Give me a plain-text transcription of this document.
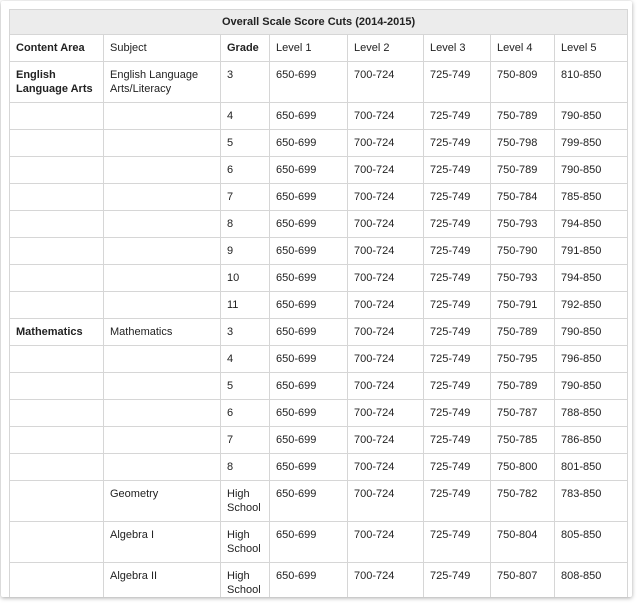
Overall Scale Score Cuts (2014-2015)							
Content Area	Subject	Grade	Level 1	Level 2	Level 3	Level 4	Level 5
English Language Arts	English Language Arts/Literacy	3	650-699	700-724	725-749	750-809	810-850
		4	650-699	700-724	725-749	750-789	790-850
		5	650-699	700-724	725-749	750-798	799-850
		6	650-699	700-724	725-749	750-789	790-850
		7	650-699	700-724	725-749	750-784	785-850
		8	650-699	700-724	725-749	750-793	794-850
		9	650-699	700-724	725-749	750-790	791-850
		10	650-699	700-724	725-749	750-793	794-850
		11	650-699	700-724	725-749	750-791	792-850
Mathematics	Mathematics	3	650-699	700-724	725-749	750-789	790-850
		4	650-699	700-724	725-749	750-795	796-850
		5	650-699	700-724	725-749	750-789	790-850
		6	650-699	700-724	725-749	750-787	788-850
		7	650-699	700-724	725-749	750-785	786-850
		8	650-699	700-724	725-749	750-800	801-850
	Geometry	High School	650-699	700-724	725-749	750-782	783-850
	Algebra I	High School	650-699	700-724	725-749	750-804	805-850
	Algebra II	High School	650-699	700-724	725-749	750-807	808-850
